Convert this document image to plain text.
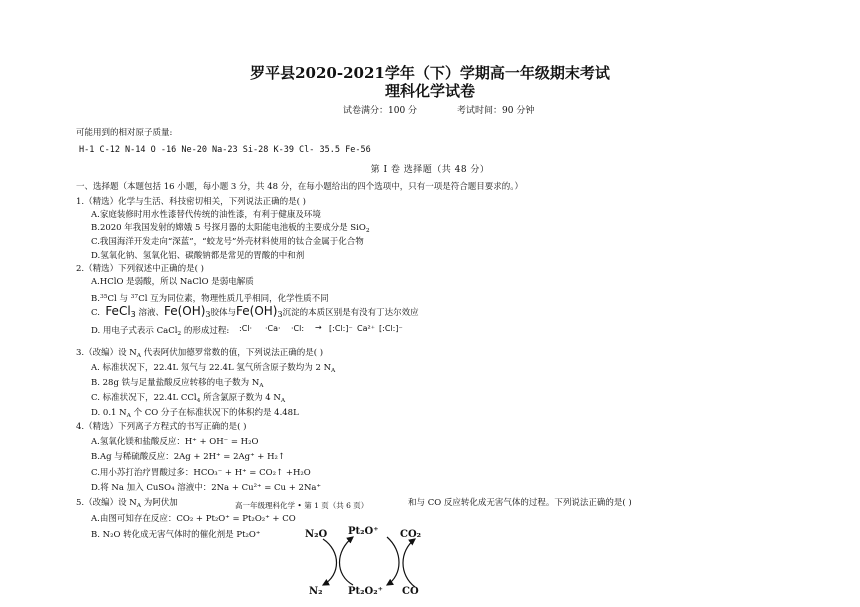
罗平县2020-2021学年（下）学期高一年级期末考试
理科化学试卷
试卷满分：100 分	考试时间：90 分钟
可能用到的相对原子质量:
H-1 C-12 N-14 O -16 Ne-20 Na-23 Si-28 K-39 Cl- 35.5 Fe-56
第 Ⅰ 卷 选择题（共 48 分）
一、选择题（本题包括 16 小题，每小题 3 分，共 48 分，在每小题给出的四个选项中，只有一项是符合题目要求的。）
1.（精选）化学与生活、科技密切相关，下列说法正确的是( )
A.家庭装修时用水性漆替代传统的油性漆，有利于健康及环境
B.2020 年我国发射的嫦娥 5 号探月器的太阳能电池板的主要成分是 SiO$_2$
C.我国海洋开发走向“深蓝”，“蛟龙号”外壳材料使用的钛合金属于化合物
D.氢氧化钠、氢氧化铝、碳酸钠都是常见的胃酸的中和剂
2.（精选）下列叙述中正确的是( )
A.HClO 是弱酸，所以 NaClO 是弱电解质
B.$^{35}$Cl 与 $^{37}$Cl 互为同位素，物理性质几乎相同，化学性质不同
C. FeCl$_3$ 溶液、$Fe(OH)_3$胶体与$Fe(OH)_3$沉淀的本质区别是有没有丁达尔效应
D. 用电子式表示 CaCl$_2$ 的形成过程: :Cl· ·Ca· ·Cl: → [:Cl:]⁻ Ca²⁺ [:Cl:]⁻
3.（改编）设 $N_A$ 代表阿伏加德罗常数的值，下列说法正确的是( )
A. 标准状况下，22.4L 氖气与 22.4L 氢气所含原子数均为 2 $N_A$
B. 28g 铁与足量盐酸反应转移的电子数为 $N_A$
C. 标准状况下，22.4L CCl$_4$ 所含氯原子数为 4 $N_A$
D. 0.1 $N_A$ 个 CO 分子在标准状况下的体积约是 4.48L
4.（精选）下列离子方程式的书写正确的是( )
A.氢氧化镁和盐酸反应：H⁺ + OH⁻ = H₂O
B.Ag 与稀硫酸反应：2Ag + 2H⁺ = 2Ag⁺ + H₂↑
C.用小苏打治疗胃酸过多：HCO₃⁻ + H⁺ = CO₂↑ +H₂O
D.将 Na 加入 CuSO₄ 溶液中：2Na + Cu²⁺ = Cu + 2Na⁺
5.（改编）设 $N_A$ 为阿伏加	和与 CO 反应转化成无害气体的过程。下列说法正确的是( )
高一年级理科化学 • 第 1 页（共 6 页）
A.由图可知存在反应：CO₂ + Pt₂O⁺ = Pt₂O₂⁺ + CO
B. N₂O 转化成无害气体时的催化剂是 Pt₂O⁺	N₂O Pt₂O⁺ CO₂
N₂	Pt₂O₂⁺ CO
